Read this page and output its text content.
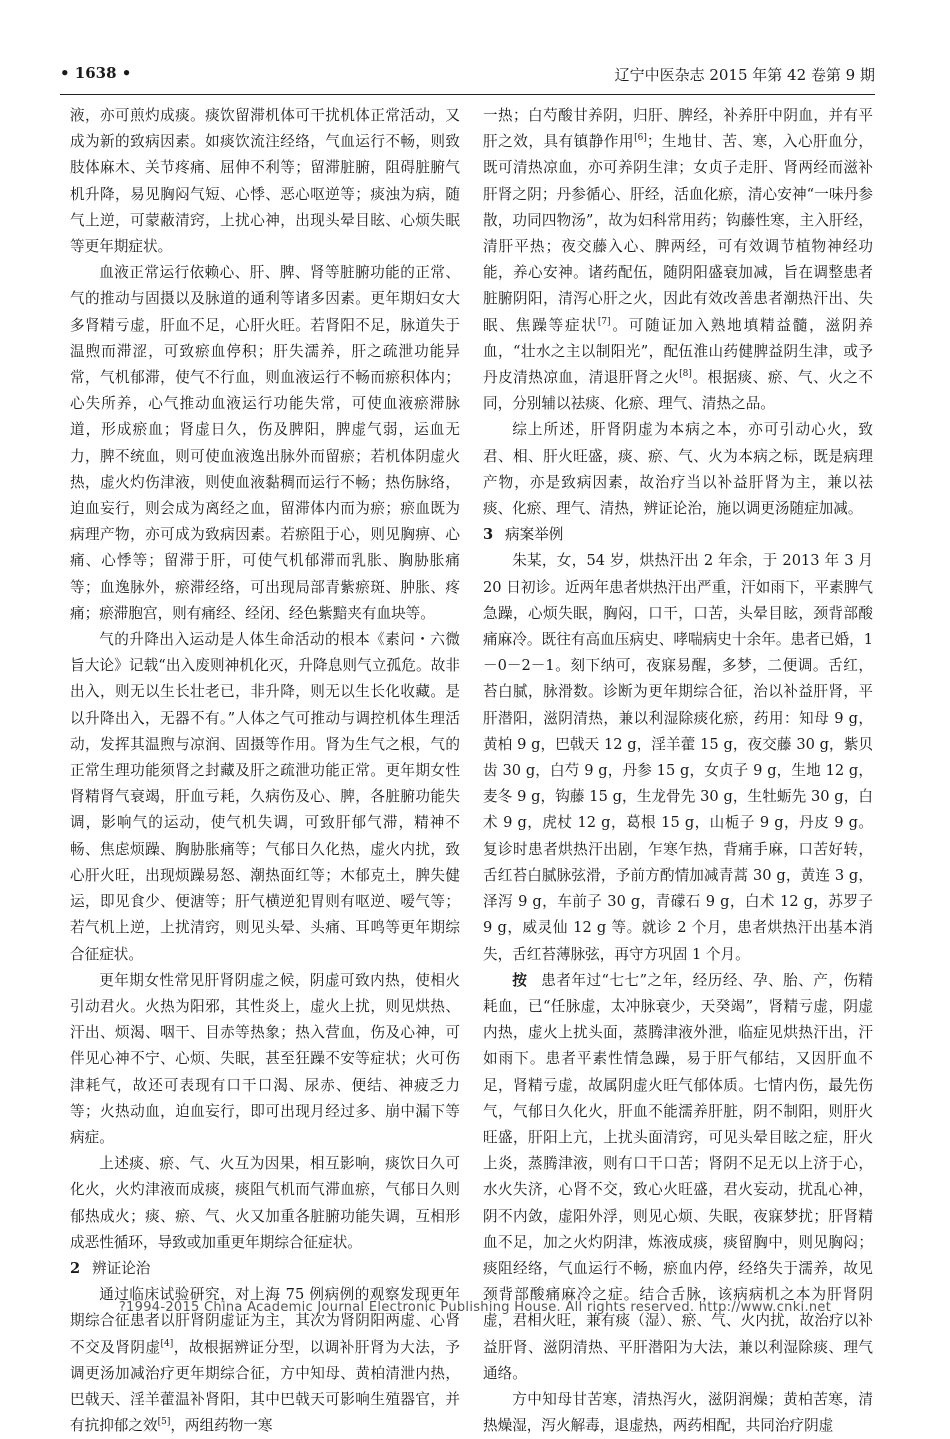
• 1638 •	辽宁中医杂志 2015 年第 42 卷第 9 期

液，亦可煎灼成痰。痰饮留滞机体可干扰机体正常活动，又成为新的致病因素。如痰饮流注经络，气血运行不畅，则致肢体麻木、关节疼痛、屈伸不利等；留滞脏腑，阻碍脏腑气机升降，易见胸闷气短、心悸、恶心呕逆等；痰浊为病，随气上逆，可蒙蔽清窍，上扰心神，出现头晕目眩、心烦失眠等更年期症状。

血液正常运行依赖心、肝、脾、肾等脏腑功能的正常、气的推动与固摄以及脉道的通利等诸多因素。更年期妇女大多肾精亏虚，肝血不足，心肝火旺。若肾阳不足，脉道失于温煦而滞涩，可致瘀血停积；肝失濡养，肝之疏泄功能异常，气机郁滞，使气不行血，则血液运行不畅而瘀积体内；心失所养，心气推动血液运行功能失常，可使血液瘀滞脉道，形成瘀血；肾虚日久，伤及脾阳，脾虚气弱，运血无力，脾不统血，则可使血液逸出脉外而留瘀；若机体阴虚火热，虚火灼伤津液，则使血液黏稠而运行不畅；热伤脉络，迫血妄行，则会成为离经之血，留滞体内而为瘀；瘀血既为病理产物，亦可成为致病因素。若瘀阻于心，则见胸痹、心痛、心悸等；留滞于肝，可使气机郁滞而乳胀、胸胁胀痛等；血逸脉外，瘀滞经络，可出现局部青紫瘀斑、肿胀、疼痛；瘀滞胞宫，则有痛经、经闭、经色紫黯夹有血块等。

气的升降出入运动是人体生命活动的根本《素问・六微旨大论》记载“出入废则神机化灭，升降息则气立孤危。故非出入，则无以生长壮老已，非升降，则无以生长化收藏。是以升降出入，无器不有。”人体之气可推动与调控机体生理活动，发挥其温煦与凉润、固摄等作用。肾为生气之根，气的正常生理功能须肾之封藏及肝之疏泄功能正常。更年期女性肾精肾气衰竭，肝血亏耗，久病伤及心、脾，各脏腑功能失调，影响气的运动，使气机失调，可致肝郁气滞，精神不畅、焦虑烦躁、胸胁胀痛等；气郁日久化热，虚火内扰，致心肝火旺，出现烦躁易怒、潮热面红等；木郁克土，脾失健运，即见食少、便溏等；肝气横逆犯胃则有呕逆、嗳气等；若气机上逆，上扰清窍，则见头晕、头痛、耳鸣等更年期综合征症状。

更年期女性常见肝肾阴虚之候，阴虚可致内热，使相火引动君火。火热为阳邪，其性炎上，虚火上扰，则见烘热、汗出、烦渴、咽干、目赤等热象；热入营血，伤及心神，可伴见心神不宁、心烦、失眠，甚至狂躁不安等症状；火可伤津耗气，故还可表现有口干口渴、尿赤、便结、神疲乏力等；火热动血，迫血妄行，即可出现月经过多、崩中漏下等病症。

上述痰、瘀、气、火互为因果，相互影响，痰饮日久可化火，火灼津液而成痰，痰阻气机而气滞血瘀，气郁日久则郁热成火；痰、瘀、气、火又加重各脏腑功能失调，互相形成恶性循环，导致或加重更年期综合征症状。

2 辨证论治

通过临床试验研究，对上海 75 例病例的观察发现更年期综合征患者以肝肾阴虚证为主，其次为肾阴阳两虚、心肾不交及肾阴虚[4]，故根据辨证分型，以调补肝肾为大法，予调更汤加减治疗更年期综合征，方中知母、黄柏清泄内热，巴戟天、淫羊藿温补肾阳，其中巴戟天可影响生殖器官，并有抗抑郁之效[5]，两组药物一寒

一热；白芍酸甘养阴，归肝、脾经，补养肝中阴血，并有平肝之效，具有镇静作用[6]；生地甘、苦、寒，入心肝血分，既可清热凉血，亦可养阴生津；女贞子走肝、肾两经而滋补肝肾之阴；丹参循心、肝经，活血化瘀，清心安神“一味丹参散，功同四物汤”，故为妇科常用药；钩藤性寒，主入肝经，清肝平热；夜交藤入心、脾两经，可有效调节植物神经功能，养心安神。诸药配伍，随阴阳盛衰加减，旨在调整患者脏腑阴阳，清泻心肝之火，因此有效改善患者潮热汗出、失眠、焦躁等症状[7]。可随证加入熟地填精益髓，滋阴养血，“壮水之主以制阳光”，配伍淮山药健脾益阴生津，或予丹皮清热凉血，清退肝肾之火[8]。根据痰、瘀、气、火之不同，分别辅以祛痰、化瘀、理气、清热之品。

综上所述，肝肾阴虚为本病之本，亦可引动心火，致君、相、肝火旺盛，痰、瘀、气、火为本病之标，既是病理产物，亦是致病因素，故治疗当以补益肝肾为主，兼以祛痰、化瘀、理气、清热，辨证论治，施以调更汤随症加减。

3 病案举例

朱某，女，54 岁，烘热汗出 2 年余，于 2013 年 3 月 20 日初诊。近两年患者烘热汗出严重，汗如雨下，平素脾气急躁，心烦失眠，胸闷，口干，口苦，头晕目眩，颈背部酸痛麻冷。既往有高血压病史、哮喘病史十余年。患者已婚，1－0－2－1。刻下纳可，夜寐易醒，多梦，二便调。舌红，苔白腻，脉滑数。诊断为更年期综合征，治以补益肝肾，平肝潜阳，滋阴清热，兼以利湿除痰化瘀，药用：知母 9 g，黄柏 9 g，巴戟天 12 g，淫羊藿 15 g，夜交藤 30 g，紫贝齿 30 g，白芍 9 g，丹参 15 g，女贞子 9 g，生地 12 g，麦冬 9 g，钩藤 15 g，生龙骨先 30 g，生牡蛎先 30 g，白术 9 g，虎杖 12 g，葛根 15 g，山栀子 9 g，丹皮 9 g。复诊时患者烘热汗出剧，乍寒乍热，背痛手麻，口苦好转，舌红苔白腻脉弦滑，予前方酌情加减青蒿 30 g，黄连 3 g，泽泻 9 g，车前子 30 g，青礞石 9 g，白术 12 g，苏罗子 9 g，威灵仙 12 g 等。就诊 2 个月，患者烘热汗出基本消失，舌红苔薄脉弦，再守方巩固 1 个月。

按 患者年过“七七”之年，经历经、孕、胎、产，伤精耗血，已“任脉虚，太冲脉衰少，天癸竭”，肾精亏虚，阴虚内热，虚火上扰头面，蒸腾津液外泄，临症见烘热汗出，汗如雨下。患者平素性情急躁，易于肝气郁结，又因肝血不足，肾精亏虚，故属阴虚火旺气郁体质。七情内伤，最先伤气，气郁日久化火，肝血不能濡养肝脏，阴不制阳，则肝火旺盛，肝阳上亢，上扰头面清窍，可见头晕目眩之症，肝火上炎，蒸腾津液，则有口干口苦；肾阴不足无以上济于心，水火失济，心肾不交，致心火旺盛，君火妄动，扰乱心神，阴不内敛，虚阳外浮，则见心烦、失眠，夜寐梦扰；肝肾精血不足，加之火灼阴津，炼液成痰，痰留胸中，则见胸闷；痰阻经络，气血运行不畅，瘀血内停，经络失于濡养，故见颈背部酸痛麻冷之症。结合舌脉，该病病机之本为肝肾阴虚，君相火旺，兼有痰（湿）、瘀、气、火内扰，故治疗以补益肝肾、滋阴清热、平肝潜阳为大法，兼以利湿除痰、理气通络。

方中知母甘苦寒，清热泻火，滋阴润燥；黄柏苦寒，清热燥湿，泻火解毒，退虚热，两药相配，共同治疗阴虚

?1994-2015 China Academic Journal Electronic Publishing House. All rights reserved. http://www.cnki.net
